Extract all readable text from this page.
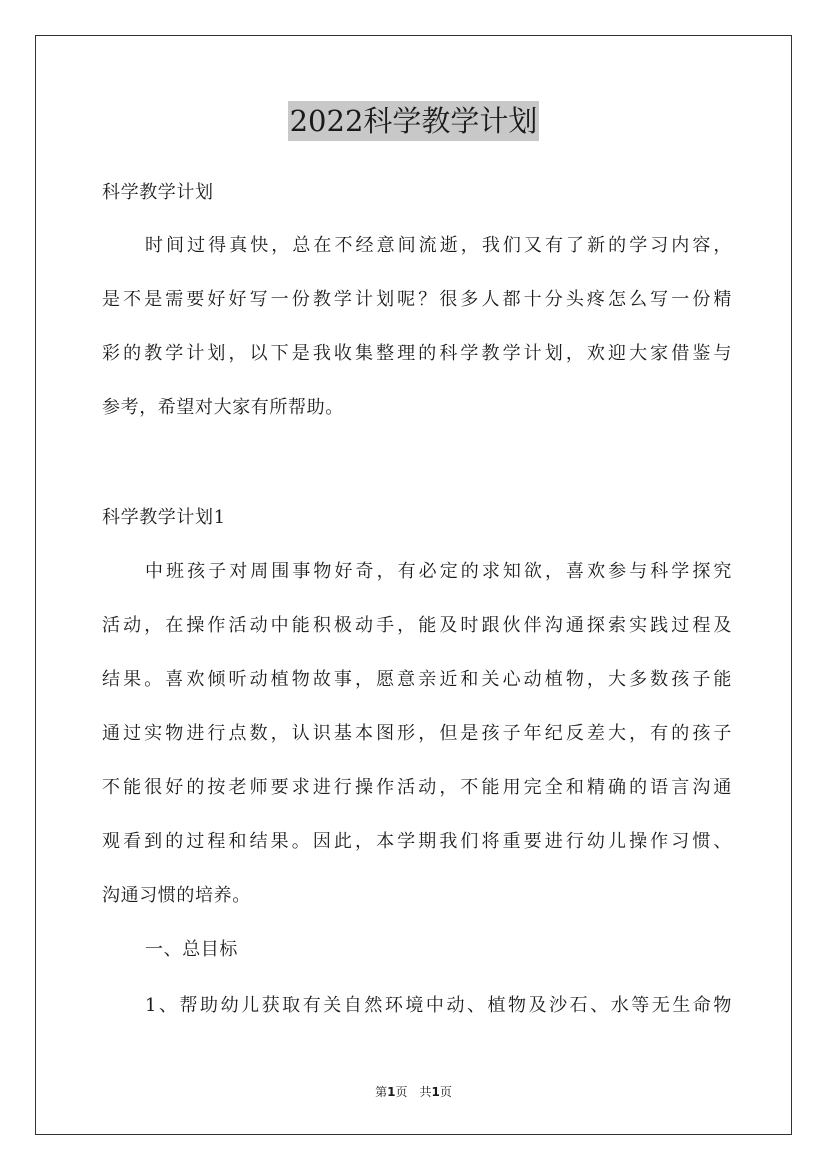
2022科学教学计划
科学教学计划
时间过得真快，总在不经意间流逝，我们又有了新的学习内容，
是不是需要好好写一份教学计划呢？很多人都十分头疼怎么写一份精
彩的教学计划，以下是我收集整理的科学教学计划，欢迎大家借鉴与
参考，希望对大家有所帮助。
科学教学计划1
中班孩子对周围事物好奇，有必定的求知欲，喜欢参与科学探究
活动，在操作活动中能积极动手，能及时跟伙伴沟通探索实践过程及
结果。喜欢倾听动植物故事，愿意亲近和关心动植物，大多数孩子能
通过实物进行点数，认识基本图形，但是孩子年纪反差大，有的孩子
不能很好的按老师要求进行操作活动，不能用完全和精确的语言沟通
观看到的过程和结果。因此，本学期我们将重要进行幼儿操作习惯、
沟通习惯的培养。
一、总目标
1、帮助幼儿获取有关自然环境中动、植物及沙石、水等无生命物
第1页 共1页
